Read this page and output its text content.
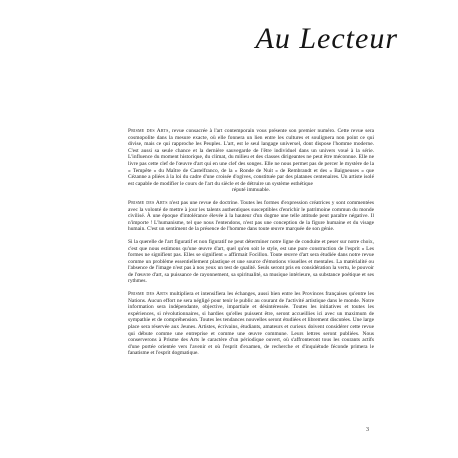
Au Lecteur

Prisme des Arts, revue consacrée à l'art contemporain vous présente son premier numéro. Cette revue sera cosmopolite dans la mesure exacte, où elle fonnera un lien entre les cultures et soulignera non point ce qui divise, mais ce qui rapproche les Peuples. L'art, est le seul langage universel, dont dispose l'homme moderne. C'est aussi sa seule chance et la dernière sauvegarde de l'être individuel dans un univers voué à la série. L'influence du moment historique, du climat, du milieu et des classes dirigeantes ne peut être méconnue. Elle ne livre pas cette clef de l'œuvre d'art qui en une clef des songes. Elle ne nous permet pas de percer le mystère de la « Tempête » du Maître de Castelfranco, de la « Ronde de Nuit » de Rembrandt et des « Baigneuses » que Cézanne a pliées à la loi du cadre d'une croisée d'ogives, constituée par des platanes centenaires. Un artiste isolé est capable de modifier le cours de l'art du siècle et de détruire un système esthétique
réputé immuable.

Prisme des Arts n'est pas une revue de doctrine. Toutes les formes d'expression créatrices y sont commentées avec la volonté de mettre à jour les talents authentiques susceptibles d'enrichir le patrimoine commun du monde civilisé. À une époque d'intolérance élevée à la hauteur d'un dogme une telle attitude peut paraître négative. Il n'importe ! L'humanisme, tel que nous l'entendons, n'est pas une conception de la figure humaine et du visage humain. C'est un sentiment de la présence de l'homme dans toute œuvre marquée de son génie.

Si la querelle de l'art figuratif et non figuratif ne peut déterminer notre ligne de conduite et peser sur notre choix, c'est que nous estimons qu'une œuvre d'art, quel qu'en soit le style, est une pure construction de l'esprit « Les formes ne signifient pas. Elles se signifient » affirmait Focillon. Toute œuvre d'art sera étudiée dans notre revue comme un problème essentiellement plastique et une source d'émotions visuelles et mentales. La matérialité ou l'absence de l'image n'est pas à nos yeux un test de qualité. Seuls seront pris en considération la vertu, le pouvoir de l'œuvre d'art, sa puissance de rayonnement, sa spiritualité, sa musique intérieure, sa substance poétique et ses rythmes.

Prisme des Arts multipliera et intensifiera les échanges, aussi bien entre les Provinces françaises qu'entre les Nations. Aucun effort ne sera négligé pour tenir le public au courant de l'activité artistique dans le monde. Notre information sera indépendante, objective, impartiale et désintéressée. Toutes les initiatives et toutes les expériences, si révolutionnaires, si hardies qu'elles puissent être, seront accueillies ici avec un maximum de sympathie et de compréhension. Toutes les tendances nouvelles seront étudiées et librement discutées. Une large place sera réservée aux Jeunes. Artistes, écrivains, étudiants, amateurs et curieux doivent considérer cette revue qui débute comme une entreprise et comme une œuvre commune. Leurs lettres seront publiées. Nous conserverons à Prisme des Arts le caractère d'un périodique ouvert, où s'affronteront tous les courants actifs d'une portée orientée vers l'avenir et où l'esprit d'examen, de recherche et d'inquiétude féconde primera le fanatisme et l'esprit dogmatique.

3
